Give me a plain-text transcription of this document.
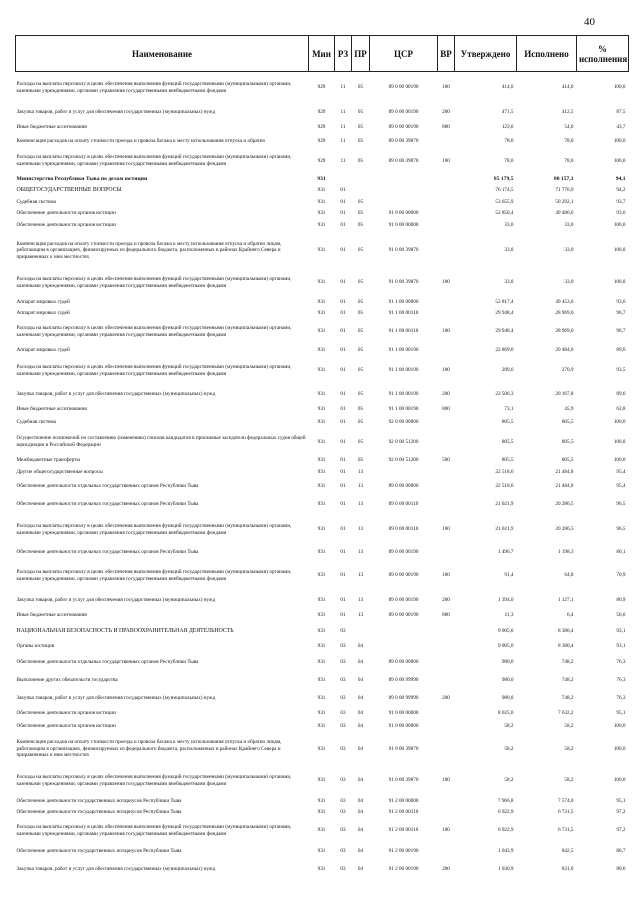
40
Наименование	Мин	РЗ	ПР	ЦСР	ВР	Утверждено	Исполнено	% исполнения
Расходы на выплаты персоналу в целях обеспечения выполнения функций государственными (муниципальными) органами, казенными учреждениями, органами управления государственными внебюджетными фондами	929	11	05	89 0 00 00190	100	414,0	414,0	100,0
Закупка товаров, работ и услуг для обеспечения государственных (муниципальных) нужд	929	11	05	89 0 00 00190	200	471,5	412,5	87,5
Иные бюджетные ассигнования	929	11	05	89 0 00 00190	800	123,6	54,0	43,7
Компенсация расходов на оплату стоимости проезда и провоза багажа к месту использования отпуска и обратно	929	11	05	89 0 00 39870		78,0	78,0	100,0
Расходы на выплаты персоналу в целях обеспечения выполнения функций государственными (муниципальными) органами, казенными учреждениями, органами управления государственными внебюджетными фондами	929	11	05	89 0 00 39870	100	78,0	78,0	100,0
Министерство Республики Тыва по делам юстиции	931					85 179,5	80 157,1	94,1
ОБЩЕГОСУДАРСТВЕННЫЕ ВОПРОСЫ	931	01				76 174,5	71 776,9	94,2
Судебная система	931	01	05			53 655,9	50 292,1	93,7
Обеспечение деятельности органов юстиции	931	01	05	91 0 00 00000		52 850,4	49 486,6	93,6
Обеспечение деятельности органов юстиции	931	01	05	91 0 00 00000		33,0	33,0	100,0
Компенсация расходов на оплату стоимости проезда и провоза багажа к месту использования отпуска и обратно лицам, работающим в организациях, финансируемых из федерального бюджета, расположенных в районах Крайнего Севера и приравненных к ним местностях	931	01	05	91 0 00 39870		33,0	33,0	100,0
Расходы на выплаты персоналу в целях обеспечения выполнения функций государственными (муниципальными) органами, казенными учреждениями, органами управления государственными внебюджетными фондами	931	01	05	91 0 00 39870	100	33,0	33,0	100,0
Аппарат мировых судей	931	01	05	91 1 00 00000		52 817,4	49 453,6	93,6
Аппарат мировых судей	931	01	05	91 1 00 00110		29 948,4	28 969,0	96,7
Расходы на выплаты персоналу в целях обеспечения выполнения функций государственными (муниципальными) органами, казенными учреждениями, органами управления государственными внебюджетными фондами	931	01	05	91 1 00 00110	100	29 948,4	28 969,0	96,7
Аппарат мировых судей	931	01	05	91 1 00 00190		22 869,0	20 484,6	89,6
Расходы на выплаты персоналу в целях обеспечения выполнения функций государственными (муниципальными) органами, казенными учреждениями, органами управления государственными внебюджетными фондами	931	01	05	91 1 00 00190	100	289,6	270,9	93,5
Закупка товаров, работ и услуг для обеспечения государственных (муниципальных) нужд	931	01	05	91 1 00 00190	200	22 506,3	20 167,8	89,6
Иные бюджетные ассигнования	931	01	05	91 1 00 00190	800	73,1	45,9	62,8
Судебная система	931	01	05	92 0 00 00000		805,5	805,5	100,0
Осуществление полномочий по составлению (изменению) списков кандидатов в присяжные заседатели федеральных судов общей юрисдикции в Российской Федерации	931	01	05	92 0 00 51200		805,5	805,5	100,0
Межбюджетные трансферты	931	01	05	92 0 00 51200	500	805,5	805,5	100,0
Другие общегосударственные вопросы	931	01	13			22 518,6	21 484,8	95,4
Обеспечение деятельности отдельных государственных органов Республики Тыва	931	01	13	89 0 00 00000		22 518,6	21 484,8	95,4
Обеспечение деятельности отдельных государственных органов Республики Тыва	931	01	13	89 0 00 00110		21 021,9	20 286,5	96,5
Расходы на выплаты персоналу в целях обеспечения выполнения функций государственными (муниципальными) органами, казенными учреждениями, органами управления государственными внебюджетными фондами	931	01	13	89 0 00 00110	100	21 021,9	20 286,5	96,5
Обеспечение деятельности отдельных государственных органов Республики Тыва	931	01	13	89 0 00 00190		1 496,7	1 198,3	80,1
Расходы на выплаты персоналу в целях обеспечения выполнения функций государственными (муниципальными) органами, казенными учреждениями, органами управления государственными внебюджетными фондами	931	01	13	89 0 00 00190	100	91,4	64,8	70,9
Закупка товаров, работ и услуг для обеспечения государственных (муниципальных) нужд	931	01	13	89 0 00 00190	200	1 394,0	1 127,1	80,9
Иные бюджетные ассигнования	931	01	13	89 0 00 00190	800	11,3	6,4	56,6
НАЦИОНАЛЬНАЯ БЕЗОПАСНОСТЬ И ПРАВООХРАНИТЕЛЬНАЯ ДЕЯТЕЛЬНОСТЬ	931	03				9 005,0	8 380,4	93,1
Органы юстиции	931	03	04			9 005,0	8 380,4	93,1
Обеспечение деятельности отдельных государственных органов Республики Тыва	931	03	04	89 0 00 00000		980,0	748,2	76,3
Выполнение других обязательств государства	931	03	04	89 0 00 99990		980,0	748,2	76,3
Закупка товаров, работ и услуг для обеспечения государственных (муниципальных) нужд	931	03	04	89 0 00 99990	200	980,0	748,2	76,3
Обеспечение деятельности органов юстиции	931	03	04	91 0 00 00000		8 025,0	7 632,2	95,1
Обеспечение деятельности органов юстиции	931	03	04	91 0 00 00000		58,2	58,2	100,0
Компенсация расходов на оплату стоимости проезда и провоза багажа к месту использования отпуска и обратно лицам, работающим в организациях, финансируемых из федерального бюджета, расположенных в районах Крайнего Севера и приравненных к ним местностях	931	03	04	91 0 00 39870		58,2	58,2	100,0
Расходы на выплаты персоналу в целях обеспечения выполнения функций государственными (муниципальными) органами, казенными учреждениями, органами управления государственными внебюджетными фондами	931	03	04	91 0 00 39870	100	58,2	58,2	100,0
Обеспечение деятельности государственных нотариусов Республики Тыва	931	03	04	91 2 00 00000		7 966,8	7 574,0	95,1
Обеспечение деятельности государственных нотариусов Республики Тыва	931	03	04	91 2 00 00110		6 922,9	6 731,5	97,2
Расходы на выплаты персоналу в целях обеспечения выполнения функций государственными (муниципальными) органами, казенными учреждениями, органами управления государственными внебюджетными фондами	931	03	04	91 2 00 00110	100	6 922,9	6 731,5	97,2
Обеспечение деятельности государственных нотариусов Республики Тыва	931	03	04	91 2 00 00190		1 043,9	842,5	80,7
Закупка товаров, работ и услуг для обеспечения государственных (муниципальных) нужд	931	03	04	91 2 00 00190	200	1 030,9	831,0	80,6
